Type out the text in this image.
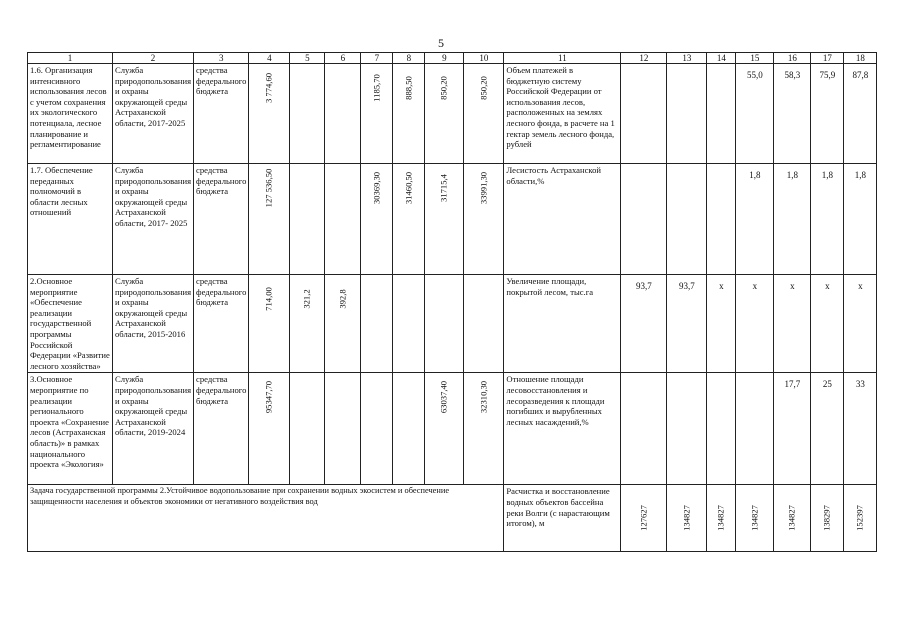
5
1	2	3	4	5	6	7	8	9	10	11	12	13	14	15	16	17	18
1.6. Организация интенсивного использования лесов с учетом сохранения их экологического потенциала, лесное планирование и регламентирование	Служба природопользования и охраны окружающей среды Астраханской области, 2017-2025	средства федерального бюджета	3 774,60			1185,70	888,50	850,20	850,20	Объем платежей в бюджетную систему Российской Федерации от использования лесов, расположенных на землях лесного фонда, в расчете на 1 гектар земель лесного фонда, рублей				55,0	58,3	75,9	87,8
1.7. Обеспечение переданных полномочий в области лесных отношений	Служба природопользования и охраны окружающей среды Астраханской области, 2017- 2025	средства федерального бюджета	127 536,50			30369,30	31460,50	31715,4	33991,30	Лесистость Астраханской области,%				1,8	1,8	1,8	1,8
2.Основное мероприятие «Обеспечение реализации государственной программы Российской Федерации «Развитие лесного хозяйства»	Служба природопользования и охраны окружающей среды Астраханской области, 2015-2016	средства федерального бюджета	714,00	321,2	392,8					Увеличение площади, покрытой лесом, тыс.га	93,7	93,7	х	х	х	х	х
3.Основное мероприятие по реализации регионального проекта «Сохранение лесов (Астраханская область)» в рамках национального проекта «Экология»	Служба природопользования и охраны окружающей среды Астраханской области, 2019-2024	средства федерального бюджета	95347,70					63037,40	32310,30	Отношение площади лесовосстановления и лесоразведения к площади погибших и вырубленных лесных насаждений,%					17,7	25	33
Задача государственной программы 2.Устойчивое водопользование при сохранении водных экосистем и обеспечение защищенности населения и объектов экономики от негативного воздействия вод										Расчистка и восстановление водных объектов бассейна реки Волги (с нарастающим итогом), м	127627	134827	134827	134827	134827	138297	152397
